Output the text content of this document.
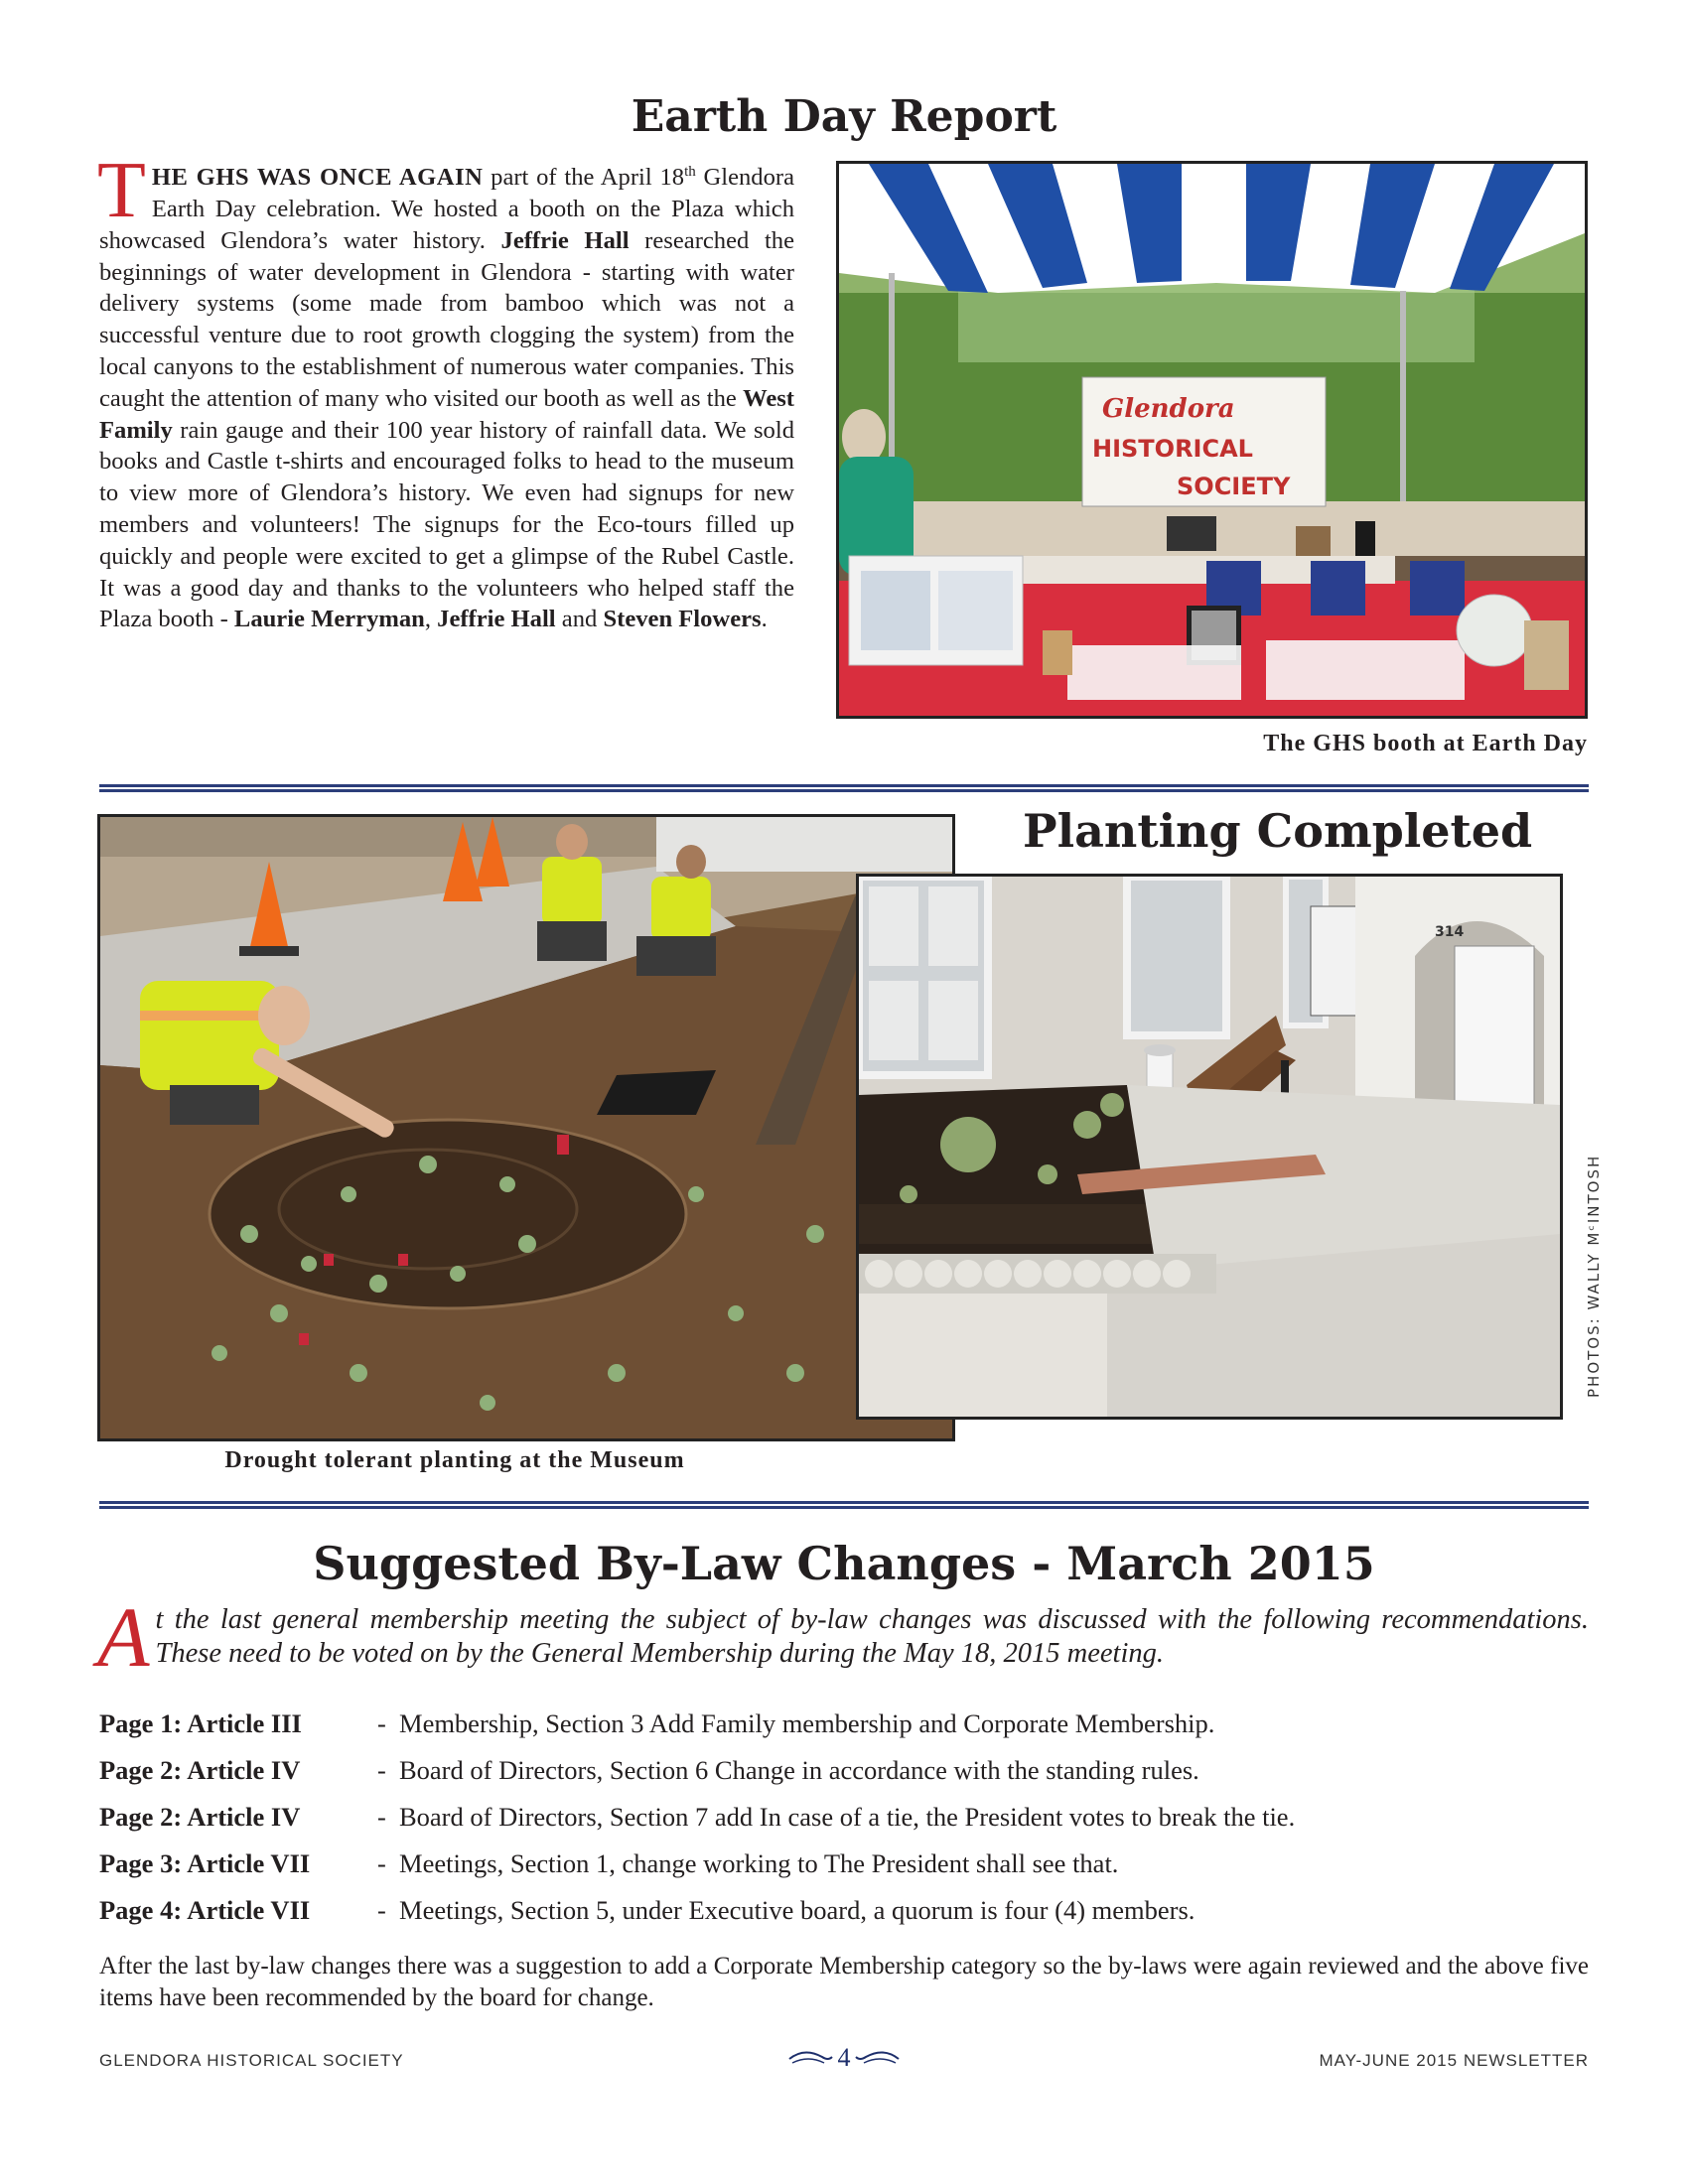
Earth Day Report
THE GHS WAS ONCE AGAIN part of the April 18th Glendora Earth Day celebration. We hosted a booth on the Plaza which showcased Glendora’s water history. Jeffrie Hall researched the beginnings of water development in Glendora - starting with water delivery systems (some made from bamboo which was not a successful venture due to root growth clogging the system) from the local canyons to the establishment of numerous water companies. This caught the attention of many who visited our booth as well as the West Family rain gauge and their 100 year history of rainfall data. We sold books and Castle t-shirts and encouraged folks to head to the museum to view more of Glendora’s history. We even had signups for new members and volunteers! The signups for the Eco-tours filled up quickly and people were excited to get a glimpse of the Rubel Castle. It was a good day and thanks to the volunteers who helped staff the Plaza booth - Laurie Merryman, Jeffrie Hall and Steven Flowers.
Glendora
HISTORICAL
SOCIETY
The GHS booth at Earth Day
Planting Completed
314
Drought tolerant planting at the Museum
PHOTOS: WALLY MᶜINTOSH
Suggested By-Law Changes - March 2015
At the last general membership meeting the subject of by-law changes was discussed with the following recommendations. These need to be voted on by the General Membership during the May 18, 2015 meeting.
Page 1: Article III	- Membership, Section 3 Add Family membership and Corporate Membership.
Page 2: Article IV	- Board of Directors, Section 6 Change in accordance with the standing rules.
Page 2: Article IV	- Board of Directors, Section 7 add In case of a tie, the President votes to break the tie.
Page 3: Article VII	- Meetings, Section 1, change working to The President shall see that.
Page 4: Article VII	- Meetings, Section 5, under Executive board, a quorum is four (4) members.
After the last by-law changes there was a suggestion to add a Corporate Membership category so the by-laws were again reviewed and the above five items have been recommended by the board for change.
GLENDORA HISTORICAL SOCIETY	4	MAY-JUNE 2015 NEWSLETTER
